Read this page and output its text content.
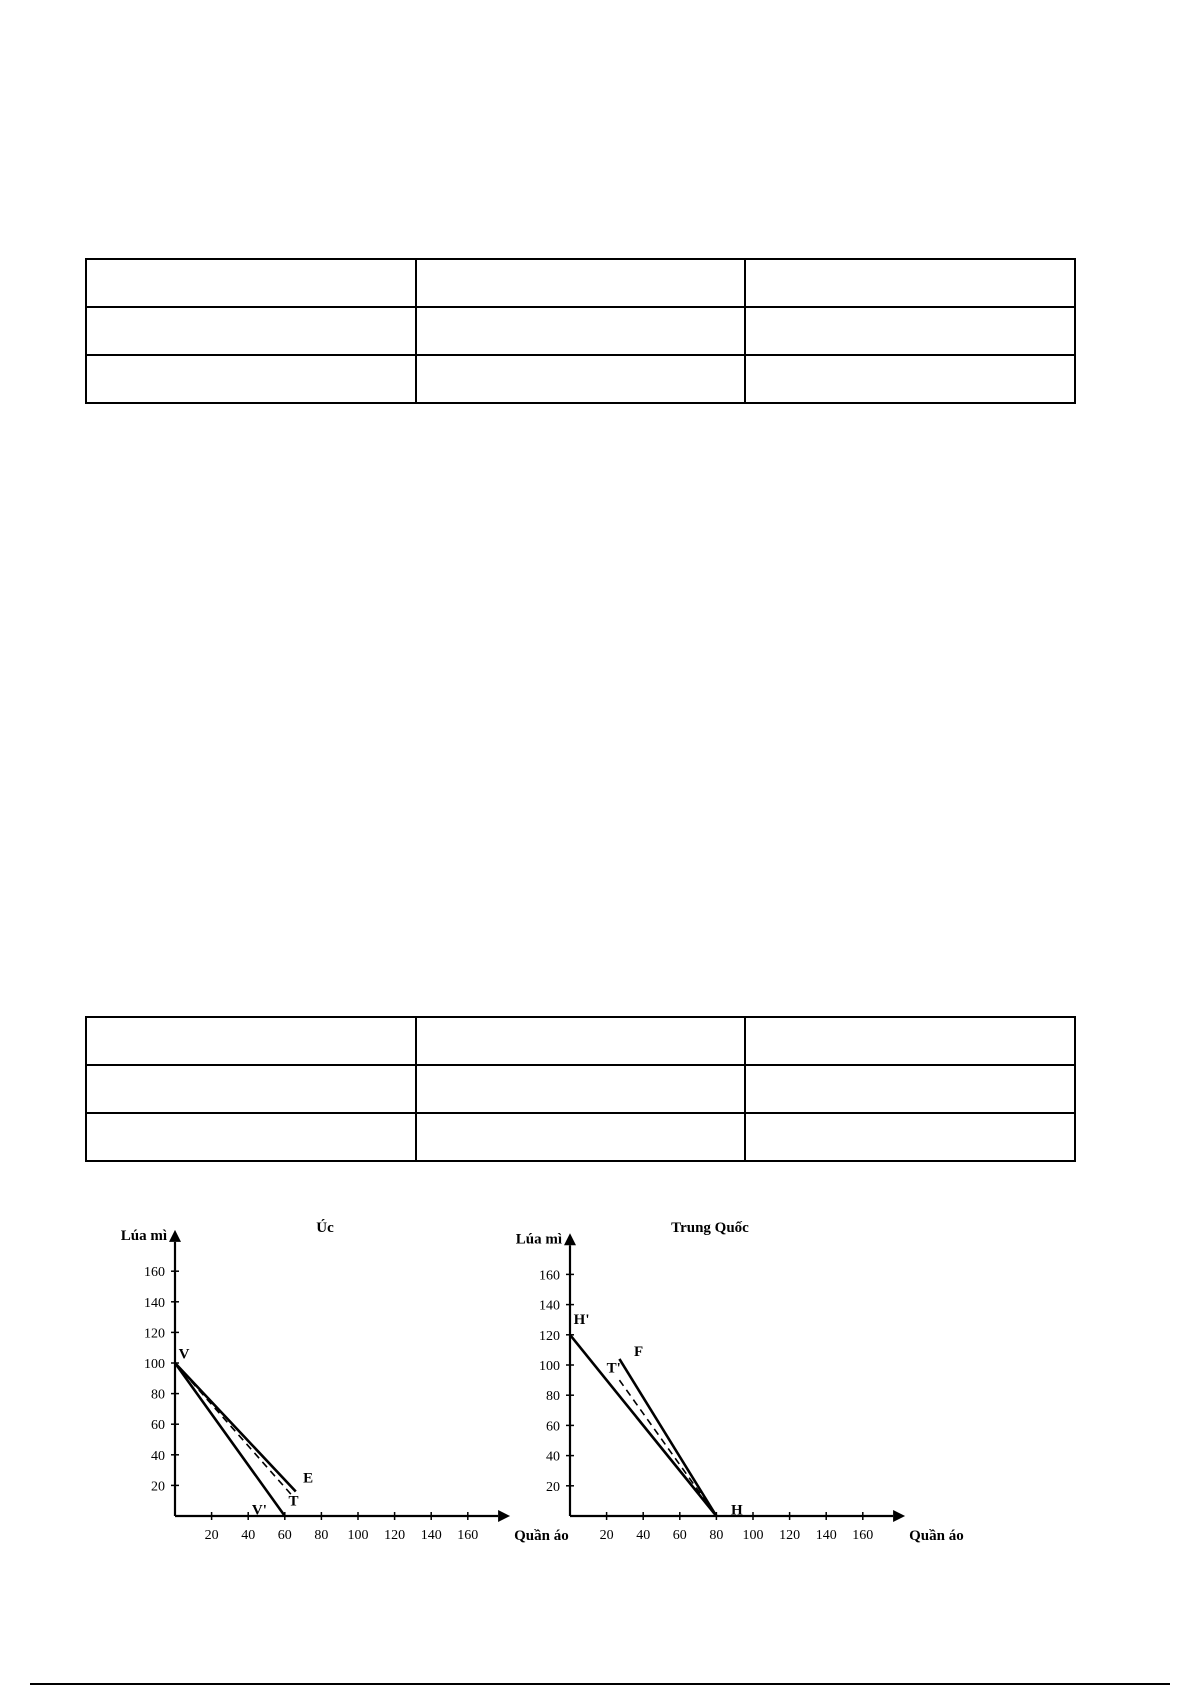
20 40 60 80 100 120 140 160
20
40
60
80
100
120
140
160
Lúa mì
Quần áo
Úc
V
E
T
V'
20 40 60 80 100 120 140 160
20
40
60
80
100
120
140
160
Lúa mì
Quần áo
Trung Quốc
H'
T'
F
H
